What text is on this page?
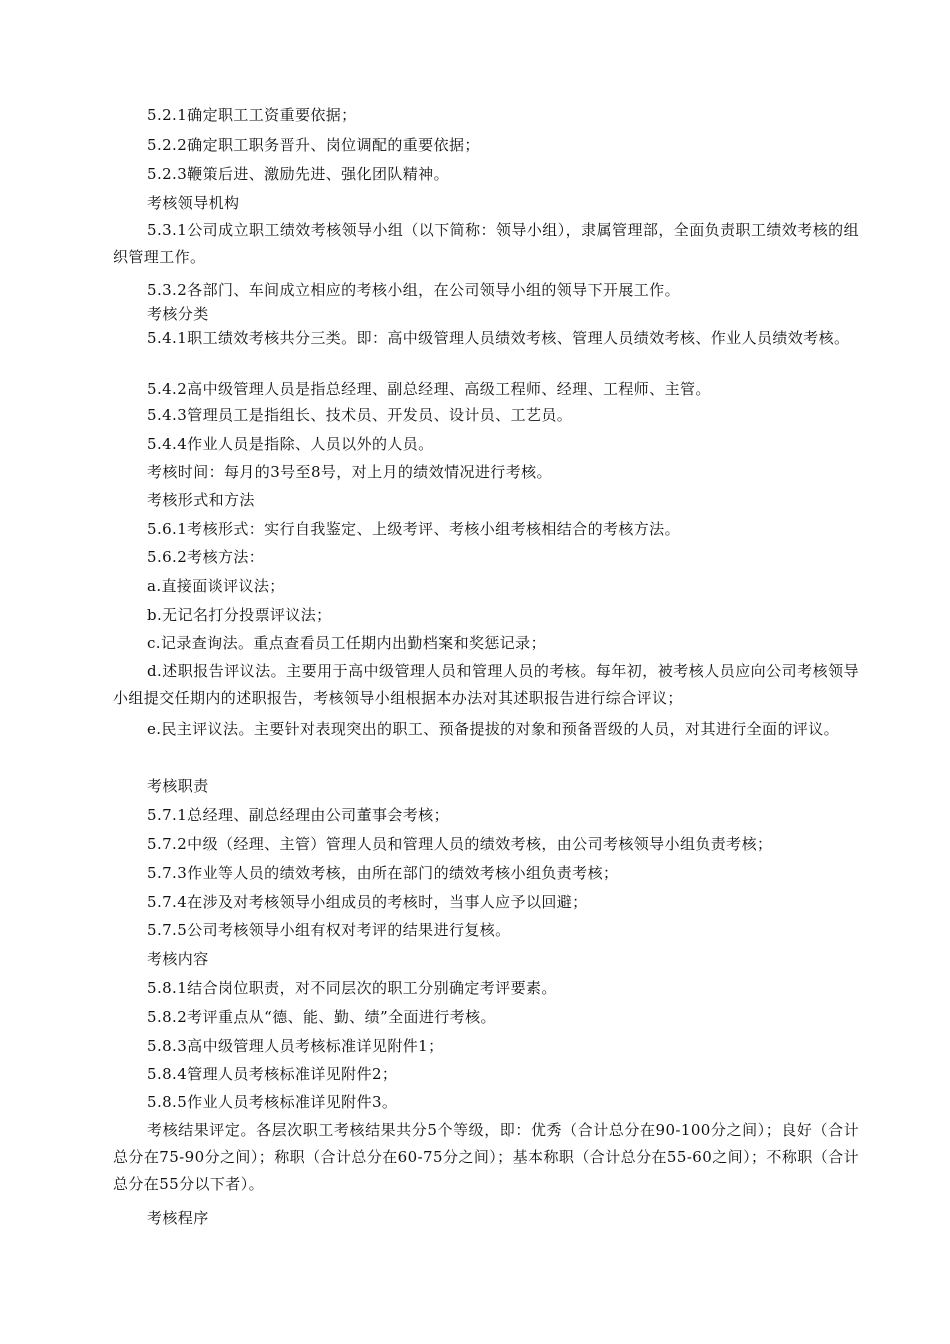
5.2.1确定职工工资重要依据；
5.2.2确定职工职务晋升、岗位调配的重要依据；
5.2.3鞭策后进、激励先进、强化团队精神。
考核领导机构
5.3.1公司成立职工绩效考核领导小组（以下简称：领导小组），隶属管理部，全面负责职工绩效考核的组织管理工作。
5.3.2各部门、车间成立相应的考核小组，在公司领导小组的领导下开展工作。
考核分类
5.4.1职工绩效考核共分三类。即：高中级管理人员绩效考核、管理人员绩效考核、作业人员绩效考核。
5.4.2高中级管理人员是指总经理、副总经理、高级工程师、经理、工程师、主管。
5.4.3管理员工是指组长、技术员、开发员、设计员、工艺员。
5.4.4作业人员是指除、人员以外的人员。
考核时间：每月的3号至8号，对上月的绩效情况进行考核。
考核形式和方法
5.6.1考核形式：实行自我鉴定、上级考评、考核小组考核相结合的考核方法。
5.6.2考核方法：
a.直接面谈评议法；
b.无记名打分投票评议法；
c.记录查询法。重点查看员工任期内出勤档案和奖惩记录；
d.述职报告评议法。主要用于高中级管理人员和管理人员的考核。每年初，被考核人员应向公司考核领导小组提交任期内的述职报告，考核领导小组根据本办法对其述职报告进行综合评议；
e.民主评议法。主要针对表现突出的职工、预备提拔的对象和预备晋级的人员，对其进行全面的评议。
考核职责
5.7.1总经理、副总经理由公司董事会考核；
5.7.2中级（经理、主管）管理人员和管理人员的绩效考核，由公司考核领导小组负责考核；
5.7.3作业等人员的绩效考核，由所在部门的绩效考核小组负责考核；
5.7.4在涉及对考核领导小组成员的考核时，当事人应予以回避；
5.7.5公司考核领导小组有权对考评的结果进行复核。
考核内容
5.8.1结合岗位职责，对不同层次的职工分别确定考评要素。
5.8.2考评重点从“德、能、勤、绩”全面进行考核。
5.8.3高中级管理人员考核标准详见附件1；
5.8.4管理人员考核标准详见附件2；
5.8.5作业人员考核标准详见附件3。
考核结果评定。各层次职工考核结果共分5个等级，即：优秀（合计总分在90-100分之间）；良好（合计总分在75-90分之间）；称职（合计总分在60-75分之间）；基本称职（合计总分在55-60之间）；不称职（合计总分在55分以下者）。
考核程序
